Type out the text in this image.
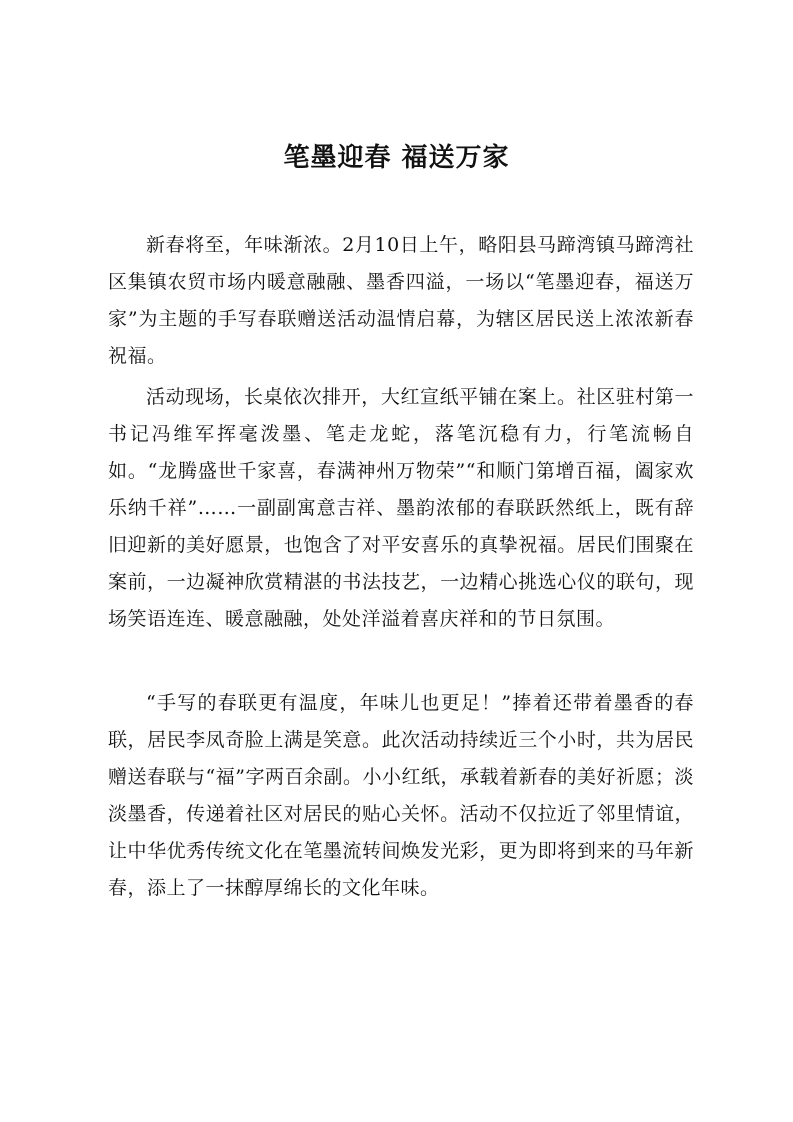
笔墨迎春 福送万家

新春将至，年味渐浓。2月10日上午，略阳县马蹄湾镇马蹄湾社区集镇农贸市场内暖意融融、墨香四溢，一场以“笔墨迎春，福送万家”为主题的手写春联赠送活动温情启幕，为辖区居民送上浓浓新春祝福。

活动现场，长桌依次排开，大红宣纸平铺在案上。社区驻村第一书记冯维军挥毫泼墨、笔走龙蛇，落笔沉稳有力，行笔流畅自如。“龙腾盛世千家喜，春满神州万物荣”“和顺门第增百福，阖家欢乐纳千祥”……一副副寓意吉祥、墨韵浓郁的春联跃然纸上，既有辞旧迎新的美好愿景，也饱含了对平安喜乐的真挚祝福。居民们围聚在案前，一边凝神欣赏精湛的书法技艺，一边精心挑选心仪的联句，现场笑语连连、暖意融融，处处洋溢着喜庆祥和的节日氛围。

“手写的春联更有温度，年味儿也更足！”捧着还带着墨香的春联，居民李凤奇脸上满是笑意。此次活动持续近三个小时，共为居民赠送春联与“福”字两百余副。小小红纸，承载着新春的美好祈愿；淡淡墨香，传递着社区对居民的贴心关怀。活动不仅拉近了邻里情谊，让中华优秀传统文化在笔墨流转间焕发光彩，更为即将到来的马年新春，添上了一抹醇厚绵长的文化年味。
